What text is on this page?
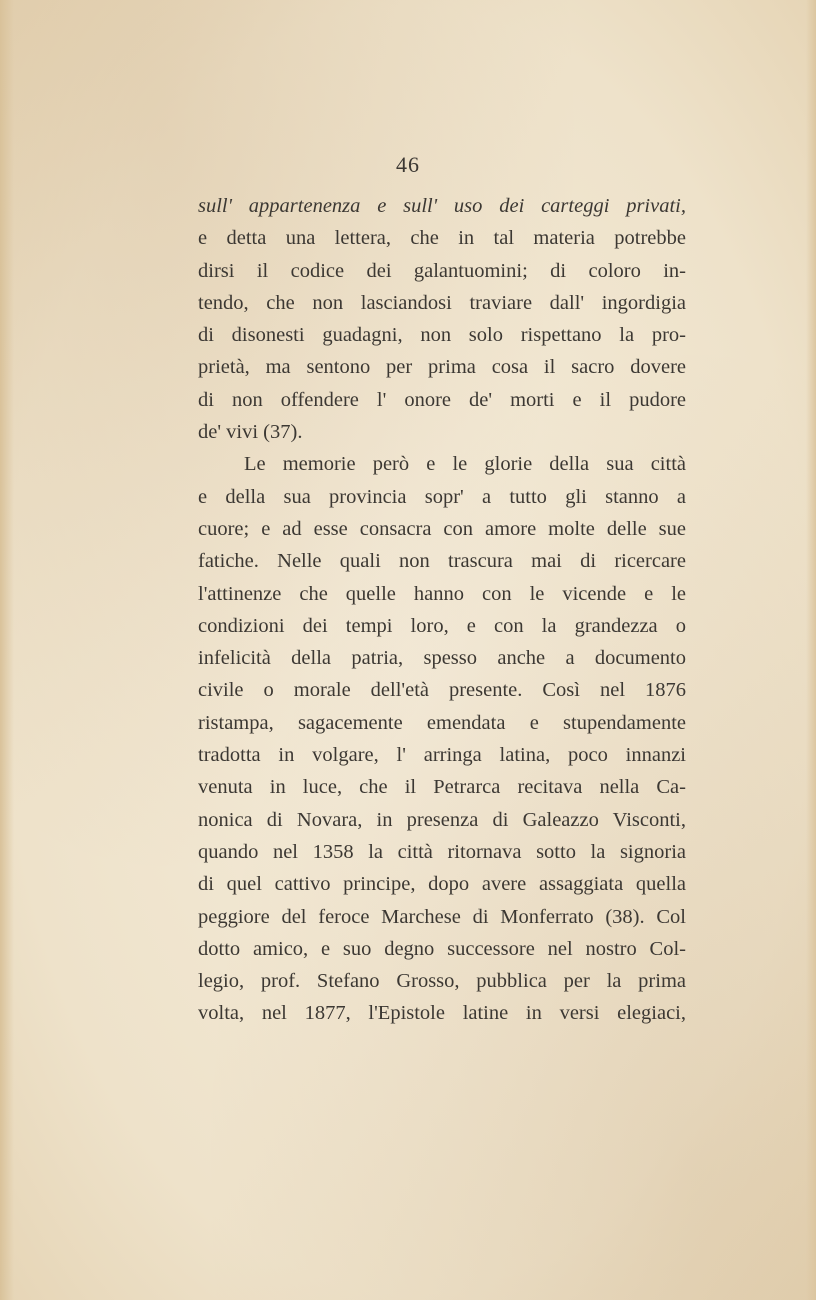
46
sull' appartenenza e sull' uso dei carteggi privati,
e detta una lettera, che in tal materia potrebbe
dirsi il codice dei galantuomini; di coloro in-
tendo, che non lasciandosi traviare dall' ingordigia
di disonesti guadagni, non solo rispettano la pro-
prietà, ma sentono per prima cosa il sacro dovere
di non offendere l' onore de' morti e il pudore
de' vivi (37).
Le memorie però e le glorie della sua città
e della sua provincia sopr' a tutto gli stanno a
cuore; e ad esse consacra con amore molte delle sue
fatiche. Nelle quali non trascura mai di ricercare
l'attinenze che quelle hanno con le vicende e le
condizioni dei tempi loro, e con la grandezza o
infelicità della patria, spesso anche a documento
civile o morale dell'età presente. Così nel 1876
ristampa, sagacemente emendata e stupendamente
tradotta in volgare, l' arringa latina, poco innanzi
venuta in luce, che il Petrarca recitava nella Ca-
nonica di Novara, in presenza di Galeazzo Visconti,
quando nel 1358 la città ritornava sotto la signoria
di quel cattivo principe, dopo avere assaggiata quella
peggiore del feroce Marchese di Monferrato (38). Col
dotto amico, e suo degno successore nel nostro Col-
legio, prof. Stefano Grosso, pubblica per la prima
volta, nel 1877, l'Epistole latine in versi elegiaci,
